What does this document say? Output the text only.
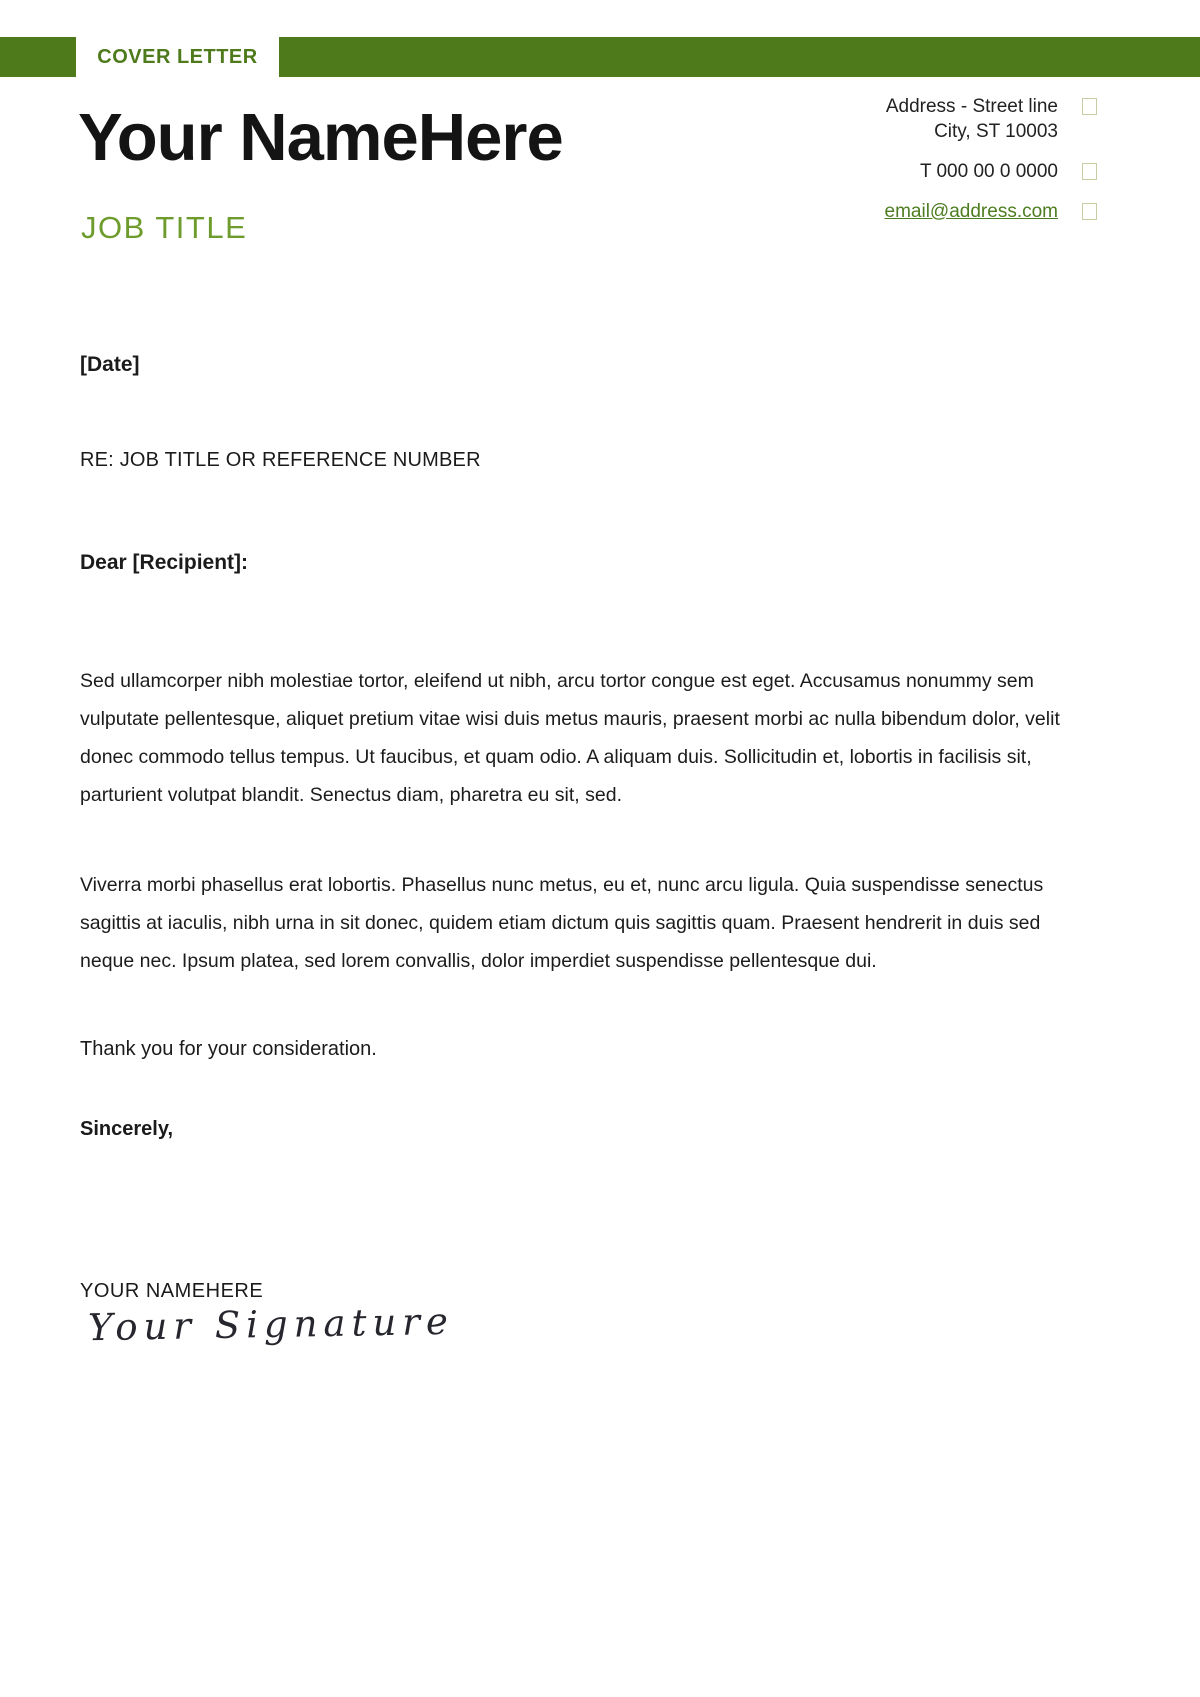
COVER LETTER
Your NameHere
JOB TITLE
Address - Street line
City, ST 10003
T 000 00 0 0000
email@address.com
[Date]
RE: JOB TITLE OR REFERENCE NUMBER
Dear [Recipient]:
Sed ullamcorper nibh molestiae tortor, eleifend ut nibh, arcu tortor congue est eget. Accusamus nonummy sem vulputate pellentesque, aliquet pretium vitae wisi duis metus mauris, praesent morbi ac nulla bibendum dolor, velit donec commodo tellus tempus. Ut faucibus, et quam odio. A aliquam duis. Sollicitudin et, lobortis in facilisis sit, parturient volutpat blandit. Senectus diam, pharetra eu sit, sed.
Viverra morbi phasellus erat lobortis. Phasellus nunc metus, eu et, nunc arcu ligula. Quia suspendisse senectus sagittis at iaculis, nibh urna in sit donec, quidem etiam dictum quis sagittis quam. Praesent hendrerit in duis sed neque nec. Ipsum platea, sed lorem convallis, dolor imperdiet suspendisse pellentesque dui.
Thank you for your consideration.
Sincerely,
YOUR NAMEHERE
Your Signature
